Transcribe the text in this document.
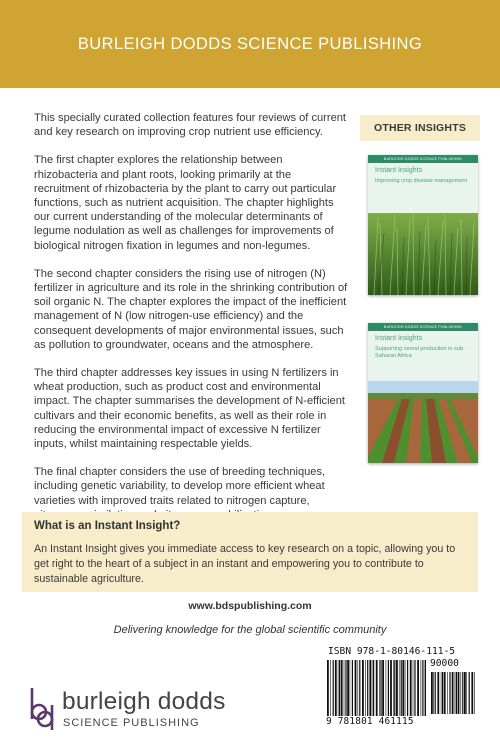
BURLEIGH DODDS SCIENCE PUBLISHING

This specially curated collection features four reviews of current and key research on improving crop nutrient use efficiency.

The first chapter explores the relationship between rhizobacteria and plant roots, looking primarily at the recruitment of rhizobacteria by the plant to carry out particular functions, such as nutrient acquisition. The chapter highlights our current understanding of the molecular determinants of legume nodulation as well as challenges for improvements of biological nitrogen fixation in legumes and non-legumes.

The second chapter considers the rising use of nitrogen (N) fertilizer in agriculture and its role in the shrinking contribution of soil organic N. The chapter explores the impact of the inefficient management of N (low nitrogen-use efficiency) and the consequent developments of major environmental issues, such as pollution to groundwater, oceans and the atmosphere.

The third chapter addresses key issues in using N fertilizers in wheat production, such as product cost and environmental impact. The chapter summarises the development of N-efficient cultivars and their economic benefits, as well as their role in reducing the environmental impact of excessive N fertilizer inputs, whilst maintaining respectable yields.

The final chapter considers the use of breeding techniques, including genetic variability, to develop more efficient wheat varieties with improved traits related to nitrogen capture,

OTHER INSIGHTS
BURLEIGH DODDS SCIENCE PUBLISHING
Instant Insights
Improving crop disease management
BURLEIGH DODDS SCIENCE PUBLISHING
Instant Insights
Supporting cereal production in sub-Saharan Africa
What is an Instant Insight?
An Instant Insight gives you immediate access to key research on a topic, allowing you to get right to the heart of a subject in an instant and empowering you to contribute to sustainable agriculture.
www.bdspublishing.com
Delivering knowledge for the global scientific community
burleigh dodds
SCIENCE PUBLISHING
ISBN 978-1-80146-111-5
90000
9 781801 461115
